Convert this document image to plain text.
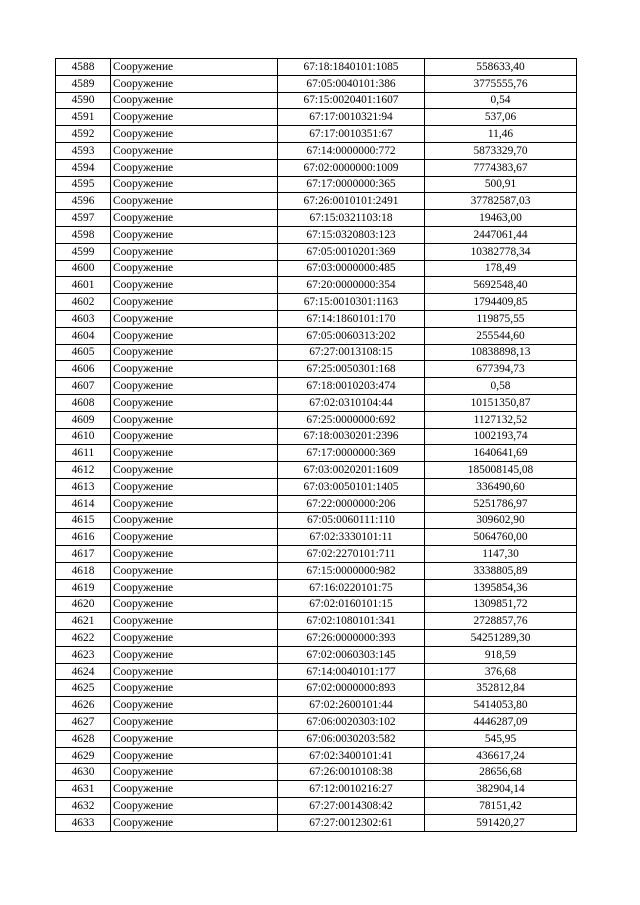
4588	Сооружение	67:18:1840101:1085	558633,40
4589	Сооружение	67:05:0040101:386	3775555,76
4590	Сооружение	67:15:0020401:1607	0,54
4591	Сооружение	67:17:0010321:94	537,06
4592	Сооружение	67:17:0010351:67	11,46
4593	Сооружение	67:14:0000000:772	5873329,70
4594	Сооружение	67:02:0000000:1009	7774383,67
4595	Сооружение	67:17:0000000:365	500,91
4596	Сооружение	67:26:0010101:2491	37782587,03
4597	Сооружение	67:15:0321103:18	19463,00
4598	Сооружение	67:15:0320803:123	2447061,44
4599	Сооружение	67:05:0010201:369	10382778,34
4600	Сооружение	67:03:0000000:485	178,49
4601	Сооружение	67:20:0000000:354	5692548,40
4602	Сооружение	67:15:0010301:1163	1794409,85
4603	Сооружение	67:14:1860101:170	119875,55
4604	Сооружение	67:05:0060313:202	255544,60
4605	Сооружение	67:27:0013108:15	10838898,13
4606	Сооружение	67:25:0050301:168	677394,73
4607	Сооружение	67:18:0010203:474	0,58
4608	Сооружение	67:02:0310104:44	10151350,87
4609	Сооружение	67:25:0000000:692	1127132,52
4610	Сооружение	67:18:0030201:2396	1002193,74
4611	Сооружение	67:17:0000000:369	1640641,69
4612	Сооружение	67:03:0020201:1609	185008145,08
4613	Сооружение	67:03:0050101:1405	336490,60
4614	Сооружение	67:22:0000000:206	5251786,97
4615	Сооружение	67:05:0060111:110	309602,90
4616	Сооружение	67:02:3330101:11	5064760,00
4617	Сооружение	67:02:2270101:711	1147,30
4618	Сооружение	67:15:0000000:982	3338805,89
4619	Сооружение	67:16:0220101:75	1395854,36
4620	Сооружение	67:02:0160101:15	1309851,72
4621	Сооружение	67:02:1080101:341	2728857,76
4622	Сооружение	67:26:0000000:393	54251289,30
4623	Сооружение	67:02:0060303:145	918,59
4624	Сооружение	67:14:0040101:177	376,68
4625	Сооружение	67:02:0000000:893	352812,84
4626	Сооружение	67:02:2600101:44	5414053,80
4627	Сооружение	67:06:0020303:102	4446287,09
4628	Сооружение	67:06:0030203:582	545,95
4629	Сооружение	67:02:3400101:41	436617,24
4630	Сооружение	67:26:0010108:38	28656,68
4631	Сооружение	67:12:0010216:27	382904,14
4632	Сооружение	67:27:0014308:42	78151,42
4633	Сооружение	67:27:0012302:61	591420,27
